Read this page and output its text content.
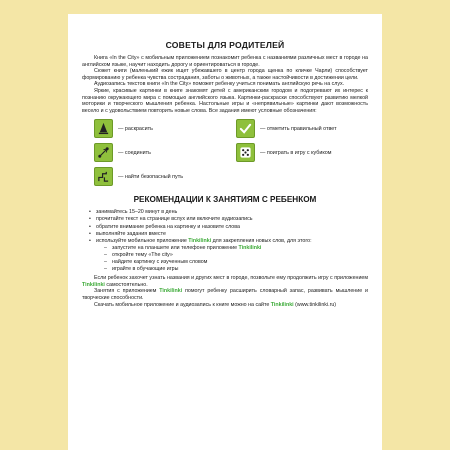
СОВЕТЫ ДЛЯ РОДИТЕЛЕЙ

Книга «In the City» с мобильным приложением познакомит ребенка с названиями различных мест в городе на английском языке, научит находить дорогу и ориентироваться в городе.

Сюжет книги (маленький ежик ищет убежавшего в центр города щенка по кличке Чарли) способствует формированию у ребенка чувства сострадания, заботы о животных, а также настойчивости в достижении цели.

Аудиозапись текстов книги «In the City» поможет ребенку учиться понимать английскую речь на слух.

Яркие, красивые картинки в книге знакомят детей с американским городом и подогревают их интерес к познанию окружающего мира с помощью английского языка. Картинки-раскраски способствуют развитию мелкой моторики и творческого мышления ребенка. Настольные игры и «непрявильные» картинки дают возможность весело и с удовольствием повторить новые слова. Все задания имеют условные обозначения:

— раскрасить	— отметить правильный ответ
— соединить	— поиграть в игру с кубиком
— найти безопасный путь
РЕКОМЕНДАЦИИ К ЗАНЯТИЯМ С РЕБЕНКОМ
• занимайтесь 15–20 минут в день
• прочитайте текст на странице вслух или включите аудиозапись
• обратите внимание ребенка на картинку и назовите слова
• выполняйте задания вместе
• используйте мобильное приложение Tinkilinki для закрепления новых слов, для этого:
– запустите на планшете или телефоне приложение Tinkilinki
– откройте тему «The city»
– найдите картинку с изученным словом
– играйте в обучающие игры

Если ребенок захочет узнать названия и других мест в городе, позвольте ему продолжить игру с приложением Tinkilinki самостоятельно.

Занятия с приложением Tinkilinki помогут ребенку расширить словарный запас, развивать мышление и творческие способности.

Скачать мобильное приложение и аудиозапись к книге можно на сайте Tinkilinki (www.tinkilinki.ru)
